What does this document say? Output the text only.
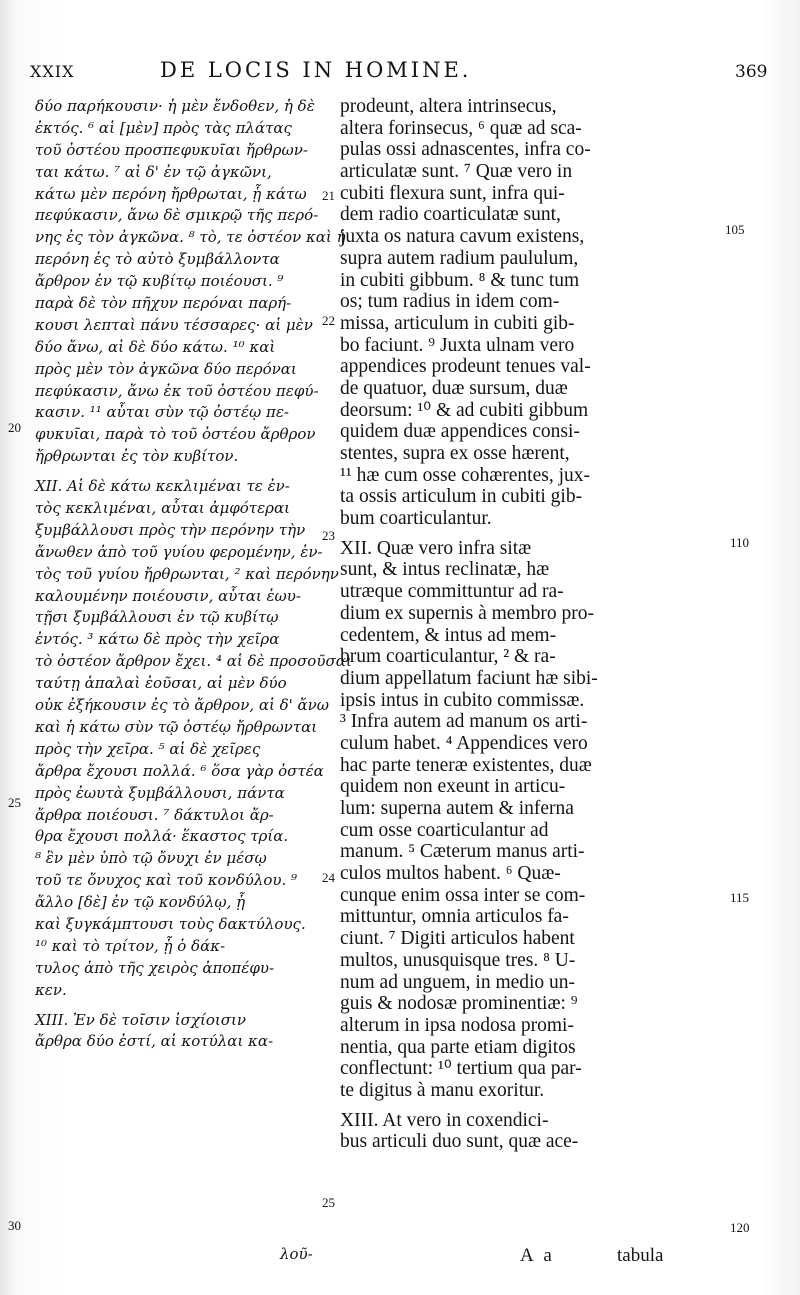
XXIX	DE LOCIS IN HOMINE.	369
δύο παρήκουσιν· ἡ μὲν ἔνδοθεν, ἡ δὲ
ἐκτός. ⁶ αἱ [μὲν] πρὸς τὰς πλάτας
τοῦ ὀστέου προσπεφυκυῖαι ἤρθρων-
ται κάτω. ⁷ αἱ δ' ἐν τῷ ἀγκῶνι,
κάτω μὲν περόνη ἤρθρωται, ᾗ κάτω
πεφύκασιν, ἄνω δὲ σμικρῷ τῆς περό-
νης ἐς τὸν ἀγκῶνα. ⁸ τὸ, τε ὀστέον καὶ ἡ
περόνη ἐς τὸ αὐτὸ ξυμβάλλοντα
ἄρθρον ἐν τῷ κυβίτῳ ποιέουσι. ⁹
παρὰ δὲ τὸν πῆχυν περόναι παρή-
κουσι λεπταὶ πάνυ τέσσαρες· αἱ μὲν
δύο ἄνω, αἱ δὲ δύο κάτω. ¹⁰ καὶ
πρὸς μὲν τὸν ἀγκῶνα δύο περόναι
πεφύκασιν, ἄνω ἐκ τοῦ ὀστέου πεφύ-
κασιν. ¹¹ αὗται σὺν τῷ ὀστέῳ πε-
φυκυῖαι, παρὰ τὸ τοῦ ὀστέου ἄρθρον
ἤρθρωνται ἐς τὸν κυβίτον.
XII. Αἱ δὲ κάτω κεκλιμέναι τε ἐν-
τὸς κεκλιμέναι, αὗται ἀμφότεραι
ξυμβάλλουσι πρὸς τὴν περόνην τὴν
ἄνωθεν ἀπὸ τοῦ γυίου φερομένην, ἐν-
τὸς τοῦ γυίου ἤρθρωνται, ² καὶ περόνην
καλουμένην ποιέουσιν, αὗται ἐωυ-
τῇσι ξυμβάλλουσι ἐν τῷ κυβίτῳ
ἐντός. ³ κάτω δὲ πρὸς τὴν χεῖρα
τὸ ὀστέον ἄρθρον ἔχει. ⁴ αἱ δὲ προσοῦσαι
ταύτῃ ἁπαλαὶ ἐοῦσαι, αἱ μὲν δύο
οὐκ ἐξήκουσιν ἐς τὸ ἄρθρον, αἱ δ' ἄνω
καὶ ἡ κάτω σὺν τῷ ὀστέῳ ἤρθρωνται
πρὸς τὴν χεῖρα. ⁵ αἱ δὲ χεῖρες
ἄρθρα ἔχουσι πολλά. ⁶ ὅσα γὰρ ὀστέα
πρὸς ἐωυτὰ ξυμβάλλουσι, πάντα
ἄρθρα ποιέουσι. ⁷ δάκτυλοι ἄρ-
θρα ἔχουσι πολλά· ἕκαστος τρία.
⁸ ἓν μὲν ὑπὸ τῷ ὄνυχι ἐν μέσῳ
τοῦ τε ὄνυχος καὶ τοῦ κονδύλου. ⁹
ἄλλο [δὲ] ἐν τῷ κονδύλῳ, ᾗ
καὶ ξυγκάμπτουσι τοὺς δακτύλους.
¹⁰ καὶ τὸ τρίτον, ᾗ ὁ δάκ-
τυλος ἀπὸ τῆς χειρὸς ἀποπέφυ-
κεν.
XIII. Ἐν δὲ τοῖσιν ἰσχίοισιν
ἄρθρα δύο ἐστί, αἱ κοτύλαι κα-
prodeunt, altera intrinsecus,
altera forinsecus, ⁶ quæ ad sca-
pulas ossi adnascentes, infra co-
articulatæ sunt. ⁷ Quæ vero in
cubiti flexura sunt, infra qui-
dem radio coarticulatæ sunt,
juxta os natura cavum existens,
supra autem radium paululum,
in cubiti gibbum. ⁸ & tunc tum
os; tum radius in idem com-
missa, articulum in cubiti gib-
bo faciunt. ⁹ Juxta ulnam vero
appendices prodeunt tenues val-
de quatuor, duæ sursum, duæ
deorsum: ¹⁰ & ad cubiti gibbum
quidem duæ appendices consi-
stentes, supra ex osse hærent,
¹¹ hæ cum osse cohærentes, jux-
ta ossis articulum in cubiti gib-
bum coarticulantur.
XII. Quæ vero infra sitæ
sunt, & intus reclinatæ, hæ
utræque committuntur ad ra-
dium ex supernis à membro pro-
cedentem, & intus ad mem-
brum coarticulantur, ² & ra-
dium appellatum faciunt hæ sibi-
ipsis intus in cubito commissæ.
³ Infra autem ad manum os arti-
culum habet. ⁴ Appendices vero
hac parte teneræ existentes, duæ
quidem non exeunt in articu-
lum: superna autem & inferna
cum osse coarticulantur ad
manum. ⁵ Cæterum manus arti-
culos multos habent. ⁶ Quæ-
cunque enim ossa inter se com-
mittuntur, omnia articulos fa-
ciunt. ⁷ Digiti articulos habent
multos, unusquisque tres. ⁸ U-
num ad unguem, in medio un-
guis & nodosæ prominentiæ: ⁹
alterum in ipsa nodosa promi-
nentia, qua parte etiam digitos
conflectunt: ¹⁰ tertium qua par-
te digitus à manu exoritur.
XIII. At vero in coxendici-
bus articuli duo sunt, quæ ace-
21
22
23
24
25
20
25
30
105
110
115
120
λοῦ-	A a	tabula
